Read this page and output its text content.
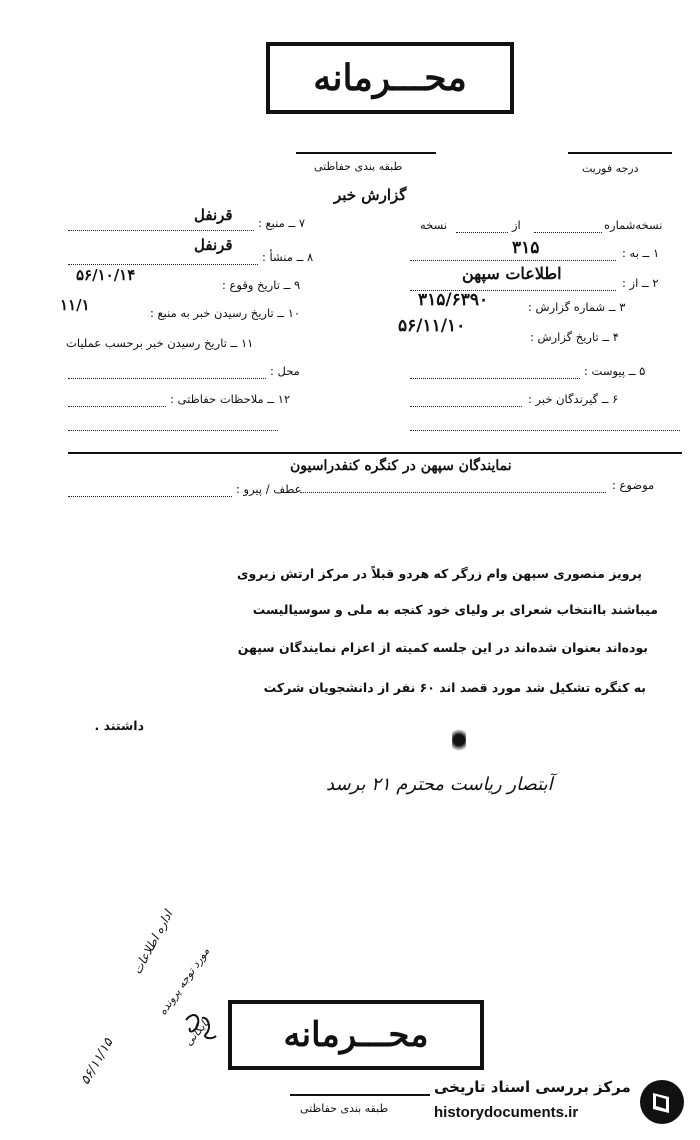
محـــرمانه
طبقه بندی حفاظتی	درجه فوریت
گزارش خبر
نسخه‌شماره
از
نسخه
۱ ــ به :
۳۱۵
۲ ــ از :
اطلاعات‌ سپهن
۳ ــ شماره گزارش :
۳۱۵/۶۳۹۰
۴ ــ تاریخ گزارش :
۵۶/۱۱/۱۰
۵ ــ پیوست :
۶ ــ گیرندگان خبر :
۷ ــ منبع :
قرنفل
۸ ــ منشأ :
قرنفل
۹ ــ تاریخ وقوع :
۵۶/۱۰/۱۴
۱۰ ــ تاریخ رسیدن خبر به منبع :
۱۱/۱
۱۱ ــ تاریخ رسیدن خبر برحسب عملیات
محل :
۱۲ ــ ملاحظات حفاظتی :
موضوع :
نمایندگان سپهن در کنگره کنفدراسیون
عطف / پیرو :
پرویز منصوری سپهن وام زرگر که هردو قبلاً در مرکز ارتش زیروی
میباشند باانتخاب شعرای بر ولیای خود کنجه به ملی و سوسیالیست
بوده‌اند بعنوان شده‌اند در این جلسه‌ کمیته از اعزام نمایندگان سپهن
به کنگره تشکیل شد مورد قصد اند ۶۰ نفر از دانشجویان شرکت
داشتند .
آبتصار ریاست محترم ۲۱ برسد
اداره اطلاعات
مورد توجه پرونده
بایگانی
۵۶/۱۱/۱۵
محـــرمانه
طبقه بندی حفاظتی
مرکز بررسی اسناد تاریخی
historydocuments.ir
